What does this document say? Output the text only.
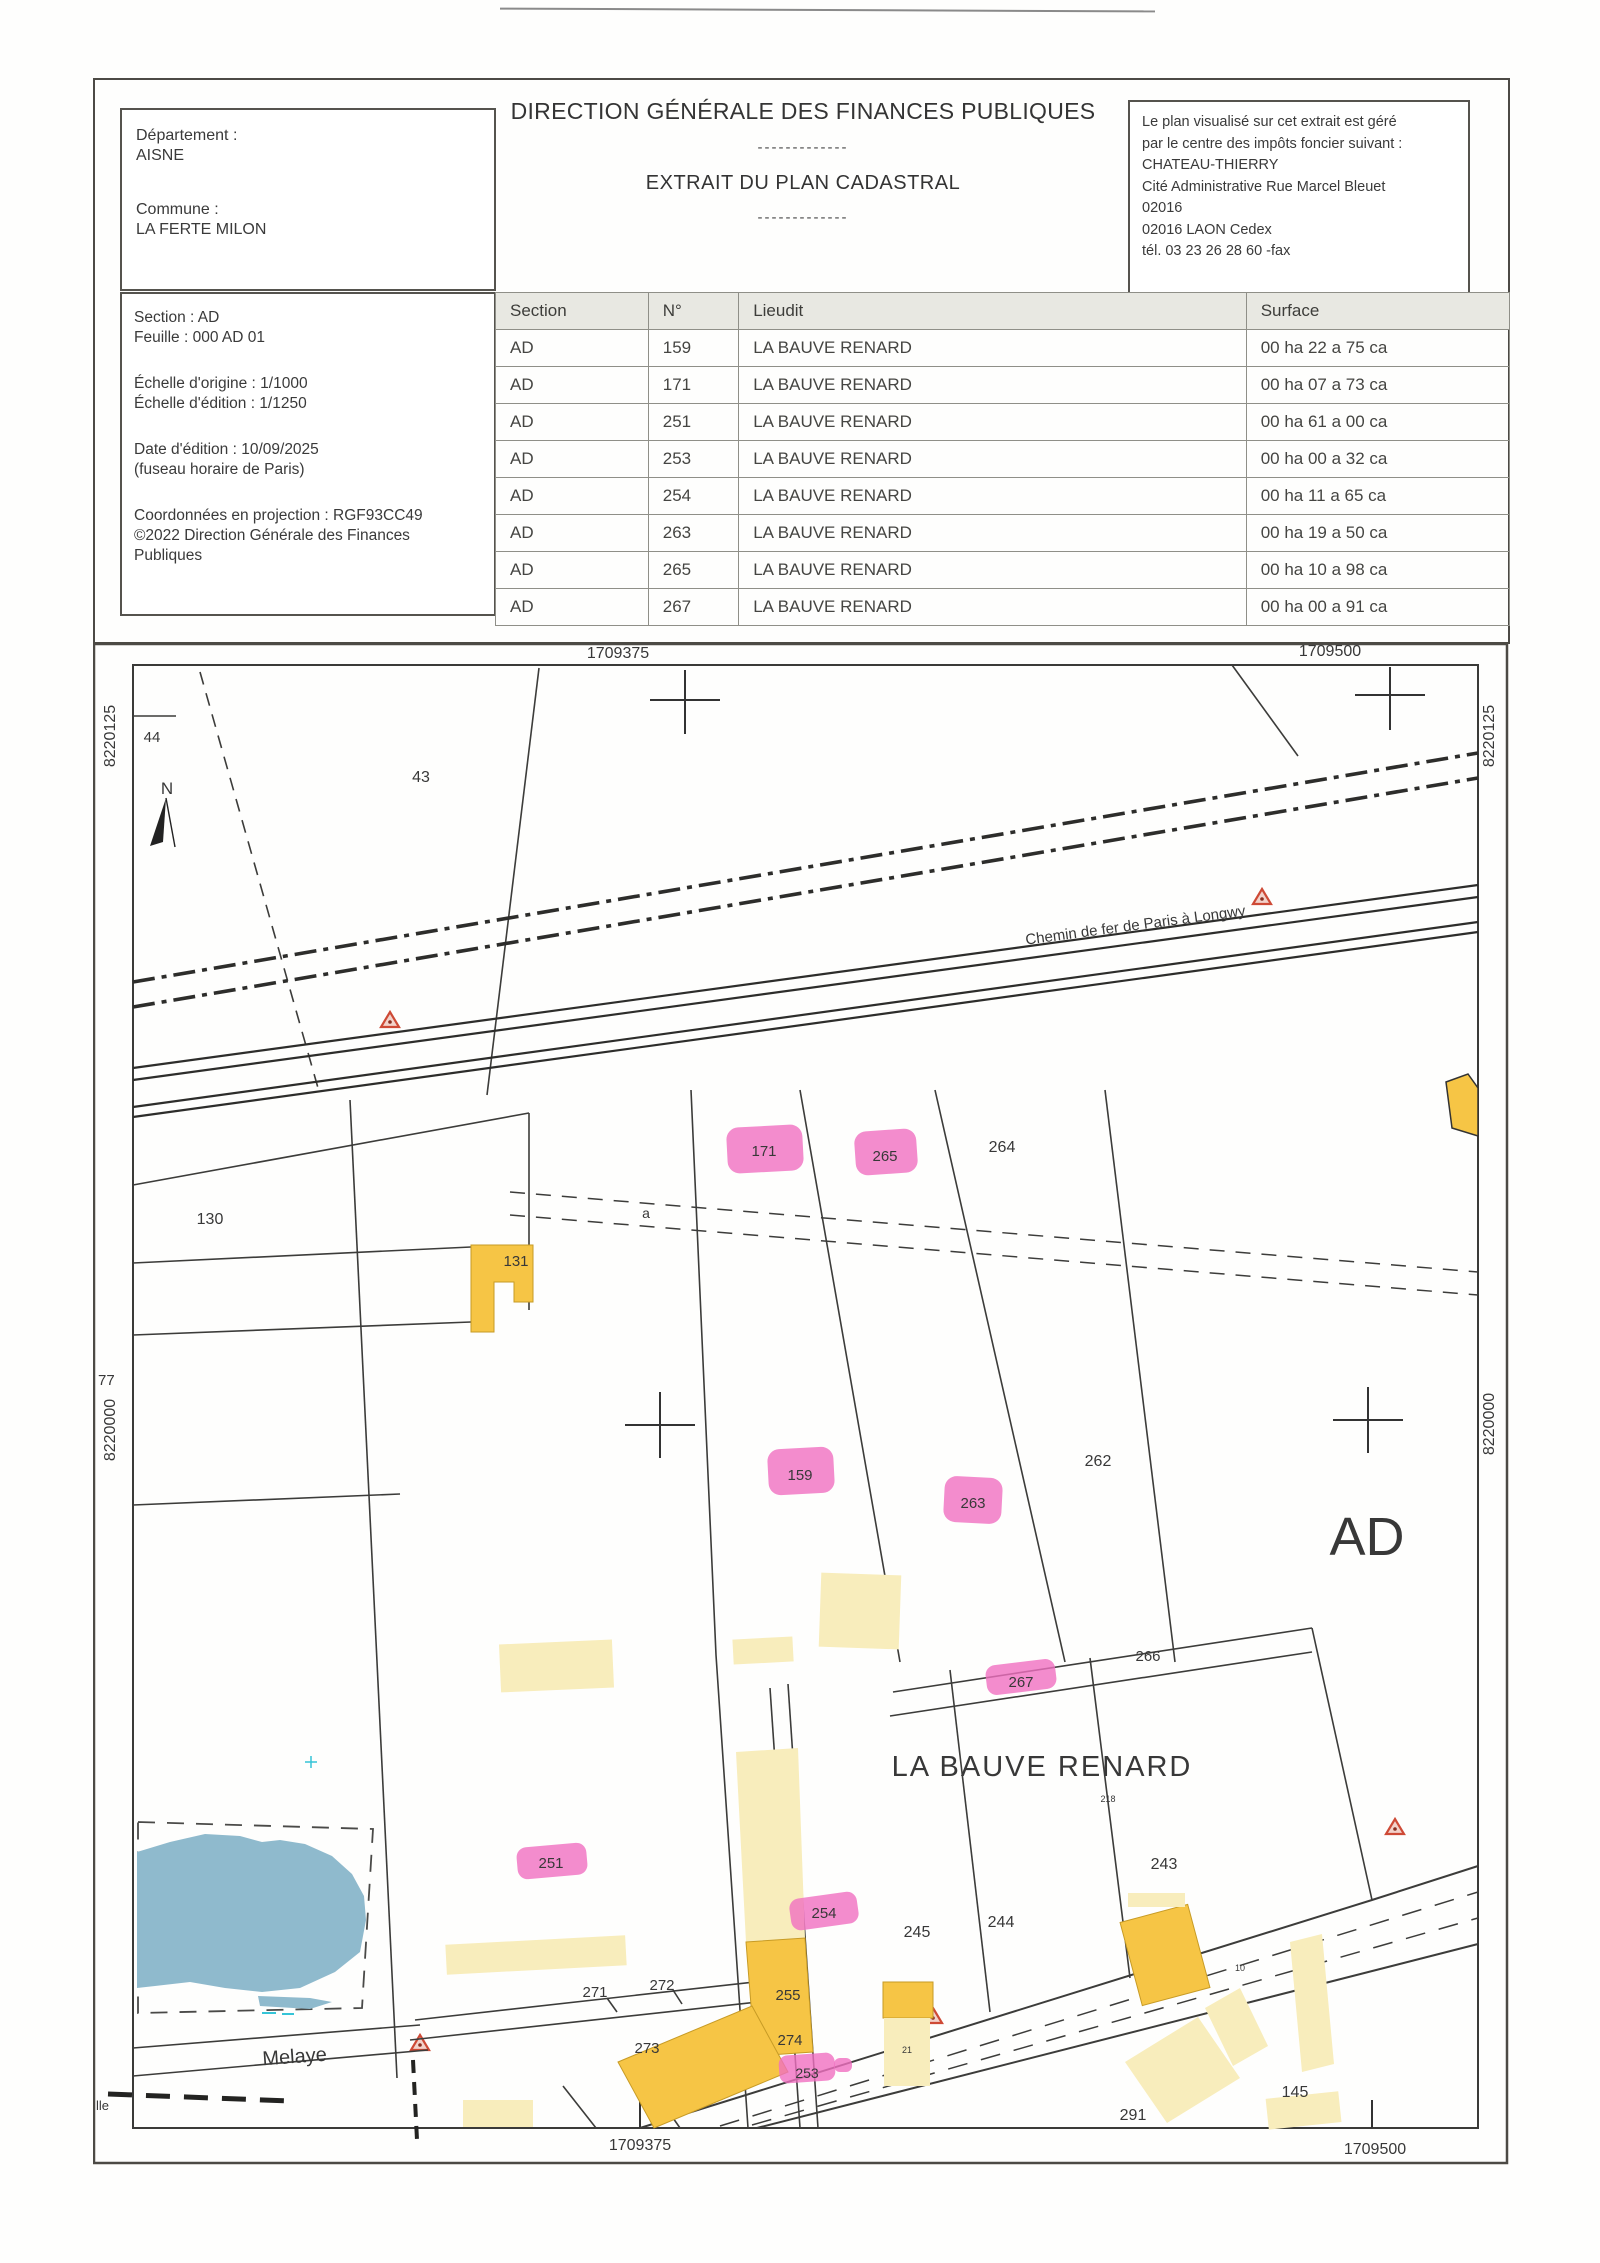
Département :
AISNE
Commune :
LA FERTE MILON
DIRECTION GÉNÉRALE DES FINANCES PUBLIQUES
-------------
EXTRAIT DU PLAN CADASTRAL
-------------
Le plan visualisé sur cet extrait est géré
par le centre des impôts foncier suivant :
CHATEAU-THIERRY
Cité Administrative Rue Marcel Bleuet
02016
02016 LAON Cedex
tél. 03 23 26 28 60 -fax
Section : AD
Feuille : 000 AD 01
Échelle d'origine : 1/1000
Échelle d'édition : 1/1250
Date d'édition : 10/09/2025
(fuseau horaire de Paris)
Coordonnées en projection : RGF93CC49
©2022 Direction Générale des Finances
Publiques
Section	N°	Lieudit	Surface
AD	159	LA BAUVE RENARD	00 ha 22 a 75 ca
AD	171	LA BAUVE RENARD	00 ha 07 a 73 ca
AD	251	LA BAUVE RENARD	00 ha 61 a 00 ca
AD	253	LA BAUVE RENARD	00 ha 00 a 32 ca
AD	254	LA BAUVE RENARD	00 ha 11 a 65 ca
AD	263	LA BAUVE RENARD	00 ha 19 a 50 ca
AD	265	LA BAUVE RENARD	00 ha 10 a 98 ca
AD	267	LA BAUVE RENARD	00 ha 00 a 91 ca
1709375	1709500
1709375	1709500
8220125	8220125
8220000	8220000
N
Chemin de fer de Paris à Longwy
44
43
77
130
131
a
171	265
264
159
263
262
266
267
251
254
245
244
243
271	272
255
273	274
253
291
145
218
21
10
AD
LA BAUVE RENARD
Melaye
lle
